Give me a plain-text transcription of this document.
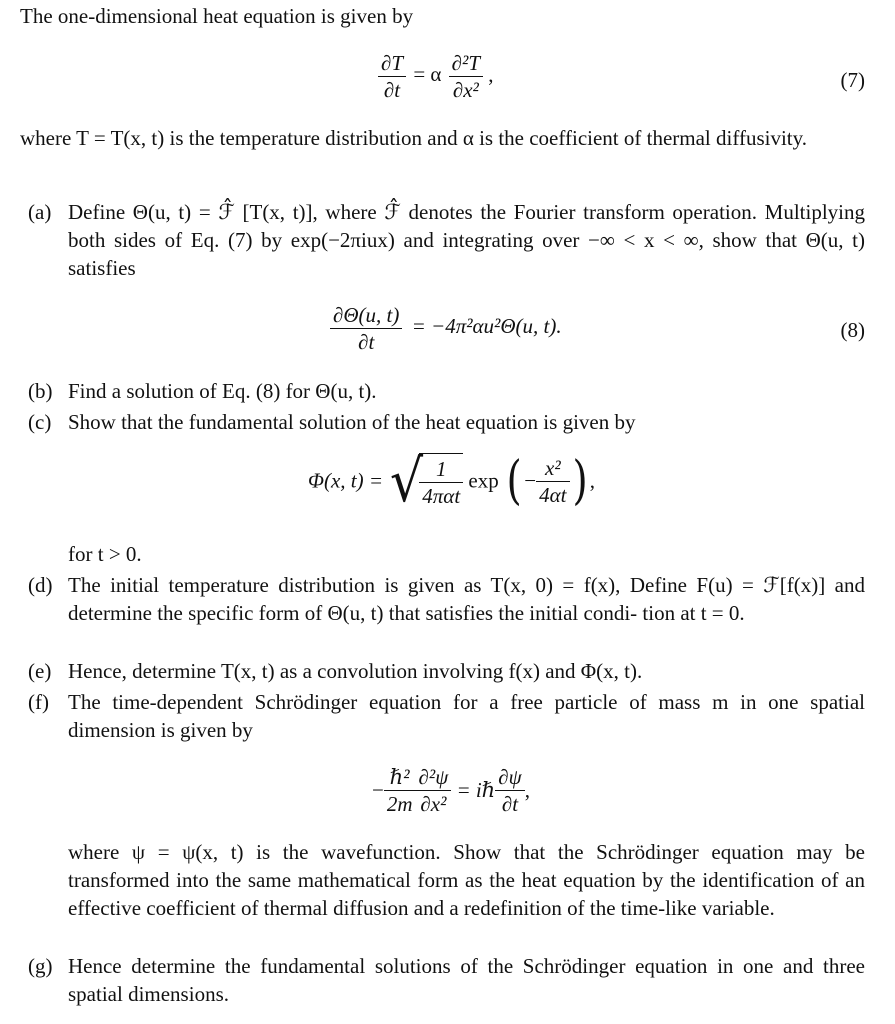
The one-dimensional heat equation is given by

$\frac{\partial T}{\partial t} = \alpha \frac{\text{∂²T}}{\text{∂x²}}$ ,	(7)

where T = T(x, t) is the temperature distribution and α is the coefficient of thermal diffusivity.

(a) Define Θ(u, t) = ℱ̂ [T(x, t)], where ℱ̂ denotes the Fourier transform operation. Multiplying both sides of Eq. (7) by exp(−2πiux) and integrating over −∞ < x < ∞, show that Θ(u, t) satisfies
$\frac{\partial\Theta(u, t)}{\partial t} = -4\pi^2\alpha u^2\Theta(u$, t).	(8)
(b) Find a solution of Eq. (8) for Θ(u, t).
(c) Show that the fundamental solution of the heat equation is given by
Φ(x, t) = √
$\frac{1}{\text{4παt}}$ exp ( − $\frac{\text{x²}}{4\alpha t}$ ) ,
for t > 0.
(d) The initial temperature distribution is given as T(x, 0) = f(x), Define F(u) = ℱ[f(x)] and determine the specific form of Θ(u, t) that satisfies the initial condi- tion at t = 0.
(e) Hence, determine T(x, t) as a convolution involving f(x) and Φ(x, t).
(f) The time-dependent Schrödinger equation for a free particle of mass m in one spatial dimension is given by
− $\frac{\text{ℏ²}}{2m} \frac{\text{∂²ψ}}{\text{∂x²}}$ = iℏ $\frac{\partial\psi}{\partial t}$ ,
where ψ = ψ(x, t) is the wavefunction. Show that the Schrödinger equation may be transformed into the same mathematical form as the heat equation by the identification of an effective coefficient of thermal diffusion and a redefinition of the time-like variable.
(g) Hence determine the fundamental solutions of the Schrödinger equation in one and three spatial dimensions.
